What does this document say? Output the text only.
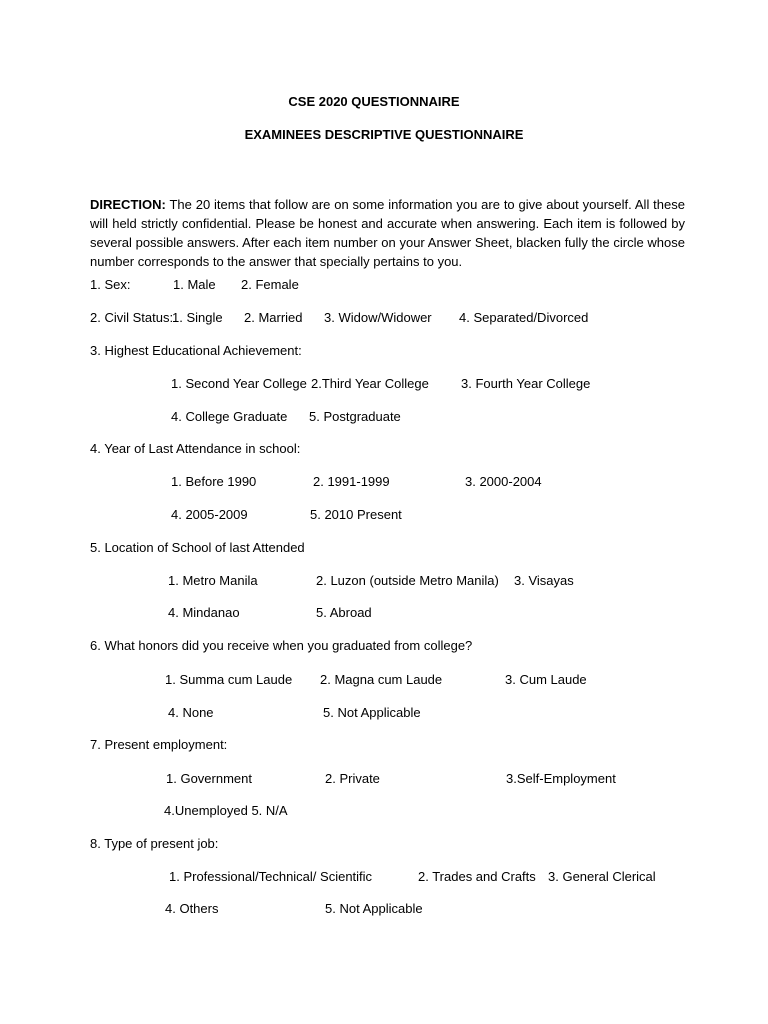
CSE 2020 QUESTIONNAIRE
EXAMINEES DESCRIPTIVE QUESTIONNAIRE
DIRECTION: The 20 items that follow are on some information you are to give about yourself. All these will held strictly confidential. Please be honest and accurate when answering. Each item is followed by several possible answers. After each item number on your Answer Sheet, blacken fully the circle whose number corresponds to the answer that specially pertains to you.
1. Sex:	1. Male 2. Female
2. Civil Status:
1. Single 2. Married 3. Widow/Widower 4. Separated/Divorced
3. Highest Educational Achievement:
1. Second Year College 2.Third Year College 3. Fourth Year College
4. College Graduate 5. Postgraduate
4. Year of Last Attendance in school:
1. Before 1990	2. 1991-1999	3. 2000-2004
4. 2005-2009	5. 2010 Present
5. Location of School of last Attended
1. Metro Manila	2. Luzon (outside Metro Manila) 3. Visayas
4. Mindanao	5. Abroad
6. What honors did you receive when you graduated from college?
1. Summa cum Laude 2. Magna cum Laude	3. Cum Laude
4. None	5. Not Applicable
7. Present employment:
1. Government	2. Private	3.Self-Employment
4.Unemployed 5. N/A
8. Type of present job:
1. Professional/Technical/ Scientific	2. Trades and Crafts 3. General Clerical
4. Others	5. Not Applicable
